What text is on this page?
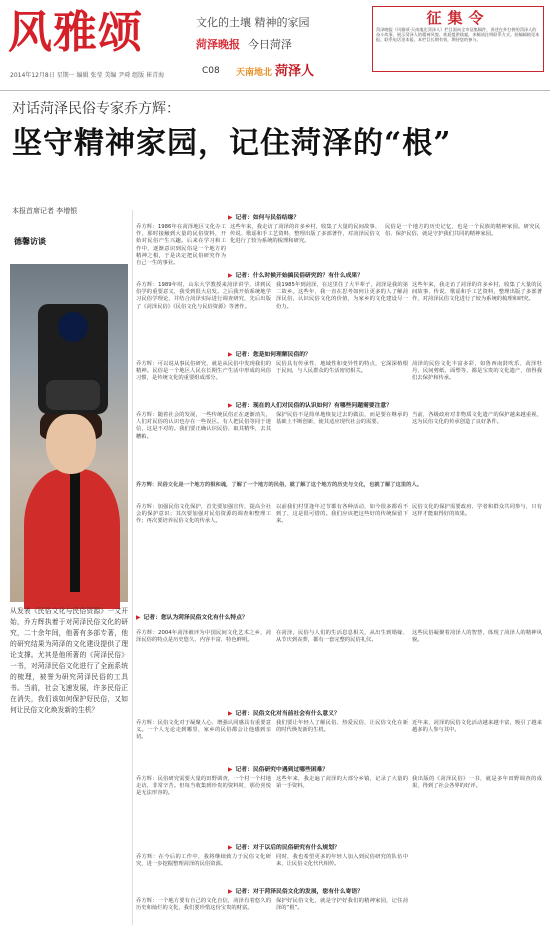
风雅颂	文化的土壤 精神的家园
菏泽晚报 今日菏泽
2014年12月8日 星期一 编辑 张莹 美编 尹舜 组版 崔青海	C08 天南地北 菏泽人
征集令
菏泽晚报《风雅颂·天南地北菏泽人》栏目面向全市征集稿件，讲述在外打拼的菏泽人的奋斗故事，展示菏泽人的精神风貌。欢迎提供线索，来稿请注明联系方式。投稿邮箱见本报，联系电话见本报。本栏目长期有效，期待您的参与。
对话菏泽民俗专家乔方辉：
坚守精神家园，记住菏泽的“根”
本报首席记者 李增银
德馨访谈
从发表《民俗文化与民俗资源》一文开始，乔方辉执着于对菏泽民俗文化的研究，二十余年间，他著有多部专著，他的研究结果为菏泽的文化建设提供了理论支撑。尤其是他所著的《菏泽民俗》一书，对菏泽民俗文化进行了全面系统的梳理，被誉为研究菏泽民俗的工具书。当前，社会飞速发展，许多民俗正在消失，我们该如何保护好民俗，又如何让民俗文化焕发新的生机？
▶ 记者：如何与民俗结缘？
乔方辉：1986年在菏泽地区文化办工作，那时接触到大量的民俗资料，开始对民俗产生兴趣。后来在学习和工作中，逐渐意识到民俗是一个地方的精神之根，于是决定把民俗研究作为自己一生的事业。
这些年来，我走访了菏泽的许多乡村，收集了大量的民间故事、传说、歌谣和手工艺资料，整理出版了多部著作，对菏泽民俗文化进行了较为系统的梳理和研究。
民俗是一个地方的历史记忆，也是一个民族的精神家园。研究民俗、保护民俗，就是守护我们共同的精神家园。
▶ 记者：什么时候开始搞民俗研究的？有什么成果？
乔方辉：1989年时，山东大学教授来菏泽讲学，讲到民俗学的重要意义，我受到很大启发。之后我开始系统地学习民俗学理论，并结合菏泽实际进行调查研究，先后出版了《菏泽民俗》《民俗文化与民俗资源》等著作。
我1985年到菏泽，在这里住了大半辈子，菏泽是我的第二故乡。这些年，我一直在思考如何让更多的人了解菏泽民俗，认识民俗文化的价值，为家乡的文化建设尽一份力。
这些年来，我走访了菏泽的许多乡村，收集了大量的民间故事、传说、歌谣和手工艺资料，整理出版了多部著作，对菏泽民俗文化进行了较为系统的梳理和研究。
▶ 记者：您是如何理解民俗的？
乔方辉：可以说从事民俗研究，就是从民俗中发现我们的精神。民俗是一个地区人民在长期生产生活中形成的风俗习惯，是传统文化的重要组成部分。
民俗具有传承性、地域性和变异性的特点，它深深植根于民间，与人民群众的生活密切相关。
菏泽的民俗文化丰富多彩，如鲁西南鼓吹乐、菏泽牡丹、民间剪纸、面塑等，都是宝贵的文化遗产，值得我们去保护和传承。
▶ 记者：现在的人们对民俗的认识如何？有哪些问题需要注意？
乔方辉：随着社会的发展，一些传统民俗正在逐渐消失，人们对民俗的认识也存在一些误区。有人把民俗等同于迷信，这是不对的。我们要正确认识民俗，取其精华，去其糟粕。
保护民俗不是简单地恢复过去的做法，而是要在继承的基础上不断创新，使其适应现代社会的需要。
当前，各级政府对非物质文化遗产的保护越来越重视，这为民俗文化的传承创造了良好条件。
乔方辉：民俗文化是一个地方的根和魂，了解了一个地方的民俗，就了解了这个地方的历史与文化，也就了解了这里的人。
乔方辉：加强民俗文化保护，首先要加强宣传，提高全社会的保护意识；其次要加强对民俗资源的调查和整理工作；再次要培养民俗文化的传承人。
以前我们村里逢年过节都有各种活动，如今很多都看不到了，这是很可惜的。我们应该把这些好的传统保留下来。
民俗文化的保护需要政府、学者和群众共同参与，只有这样才能取得好的效果。
▶ 记者：您认为菏泽民俗文化有什么特点？
乔方辉：2004年菏泽被评为中国民间文化艺术之乡，菏泽民俗的特点是历史悠久、内容丰富、特色鲜明。
在菏泽，民俗与人们的生活息息相关，从出生到婚嫁、从节庆到丧葬，都有一套完整的民俗礼仪。
这些民俗凝聚着菏泽人的智慧，体现了菏泽人的精神风貌。
▶ 记者：民俗文化对当前社会有什么意义？
乔方辉：民俗文化对于凝聚人心、增强认同感具有重要意义。一个人无论走到哪里，家乡的民俗都会让他感到亲切。
我们要让年轻人了解民俗、热爱民俗，让民俗文化在新的时代焕发新的生机。
近年来，菏泽的民俗文化活动越来越丰富，吸引了越来越多的人参与其中。
▶ 记者：民俗研究中遇到过哪些困难？
乔方辉：民俗研究需要大量的田野调查，一个村一个村地走访，非常辛苦。但每当收集到珍贵的资料时，那份喜悦是无法形容的。
这些年来，我走遍了菏泽的大部分乡镇，记录了大量的第一手资料。
我出版的《菏泽民俗》一书，就是多年田野调查的成果，得到了社会各界的好评。
▶ 记者：对于以后的民俗研究有什么规划？
乔方辉：在今后的工作中，我将继续致力于民俗文化研究，进一步挖掘整理菏泽的民俗资源。
同时，我也希望更多的年轻人加入到民俗研究的队伍中来，让民俗文化代代相传。
▶ 记者：对于菏泽民俗文化的发展，您有什么寄语？
乔方辉：一个地方要有自己的文化自信，菏泽有着悠久的历史和灿烂的文化，我们要珍惜这份宝贵的财富。
保护好民俗文化，就是守护好我们的精神家园，记住菏泽的“根”。
